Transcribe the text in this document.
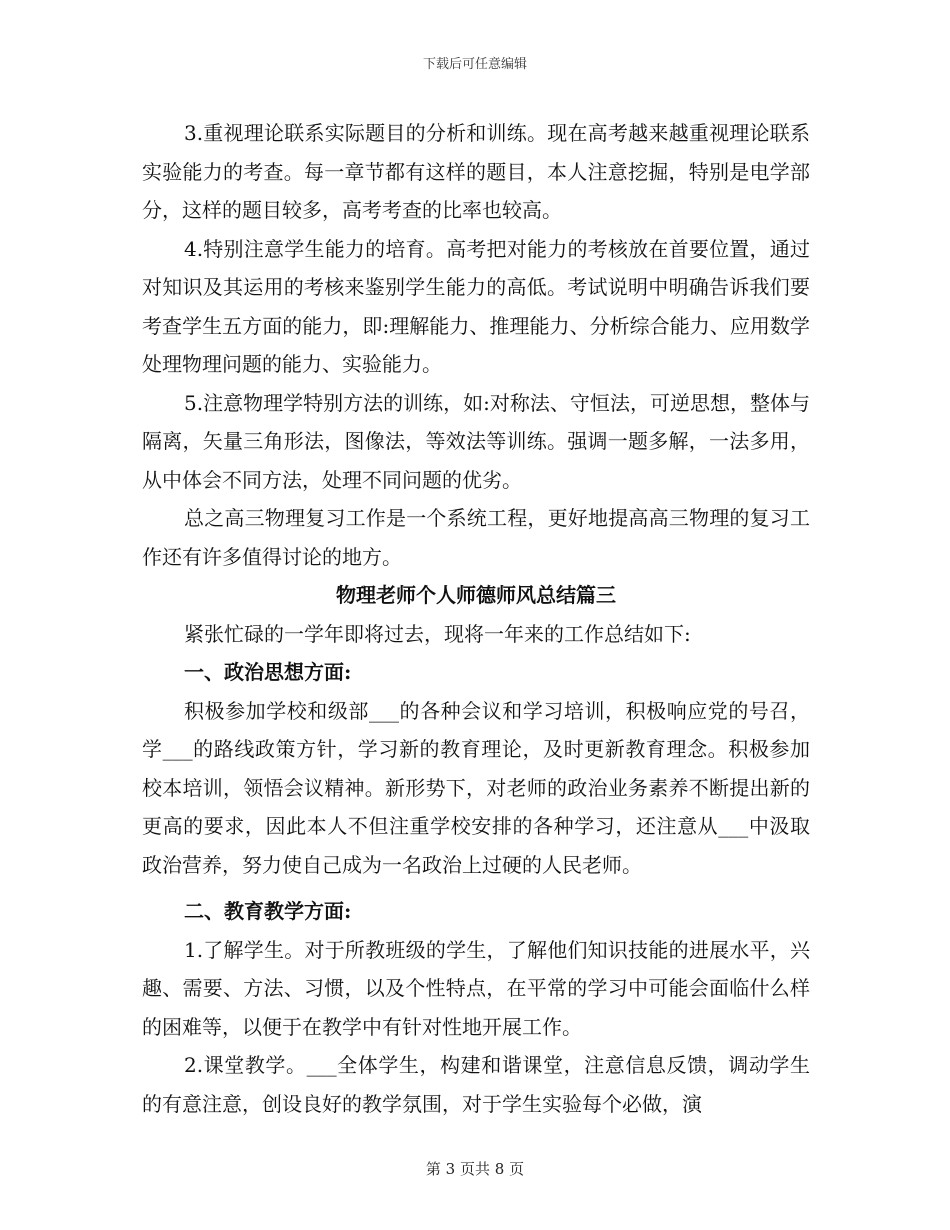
下载后可任意编辑

3.重视理论联系实际题目的分析和训练。现在高考越来越重视理论联系实验能力的考查。每一章节都有这样的题目，本人注意挖掘，特别是电学部分，这样的题目较多，高考考查的比率也较高。

4.特别注意学生能力的培育。高考把对能力的考核放在首要位置，通过对知识及其运用的考核来鉴别学生能力的高低。考试说明中明确告诉我们要考查学生五方面的能力，即:理解能力、推理能力、分析综合能力、应用数学处理物理问题的能力、实验能力。

5.注意物理学特别方法的训练，如:对称法、守恒法，可逆思想，整体与隔离，矢量三角形法，图像法，等效法等训练。强调一题多解，一法多用，从中体会不同方法，处理不同问题的优劣。

总之高三物理复习工作是一个系统工程，更好地提高高三物理的复习工作还有许多值得讨论的地方。

物理老师个人师德师风总结篇三

紧张忙碌的一学年即将过去，现将一年来的工作总结如下:

一、政治思想方面:

积极参加学校和级部___的各种会议和学习培训，积极响应党的号召，学___的路线政策方针，学习新的教育理论，及时更新教育理念。积极参加校本培训，领悟会议精神。新形势下，对老师的政治业务素养不断提出新的更高的要求，因此本人不但注重学校安排的各种学习，还注意从___中汲取政治营养，努力使自己成为一名政治上过硬的人民老师。

二、教育教学方面:

1.了解学生。对于所教班级的学生，了解他们知识技能的进展水平，兴趣、需要、方法、习惯，以及个性特点，在平常的学习中可能会面临什么样的困难等，以便于在教学中有针对性地开展工作。

2.课堂教学。___全体学生，构建和谐课堂，注意信息反馈，调动学生的有意注意，创设良好的教学氛围，对于学生实验每个必做，演

第 3 页共 8 页
